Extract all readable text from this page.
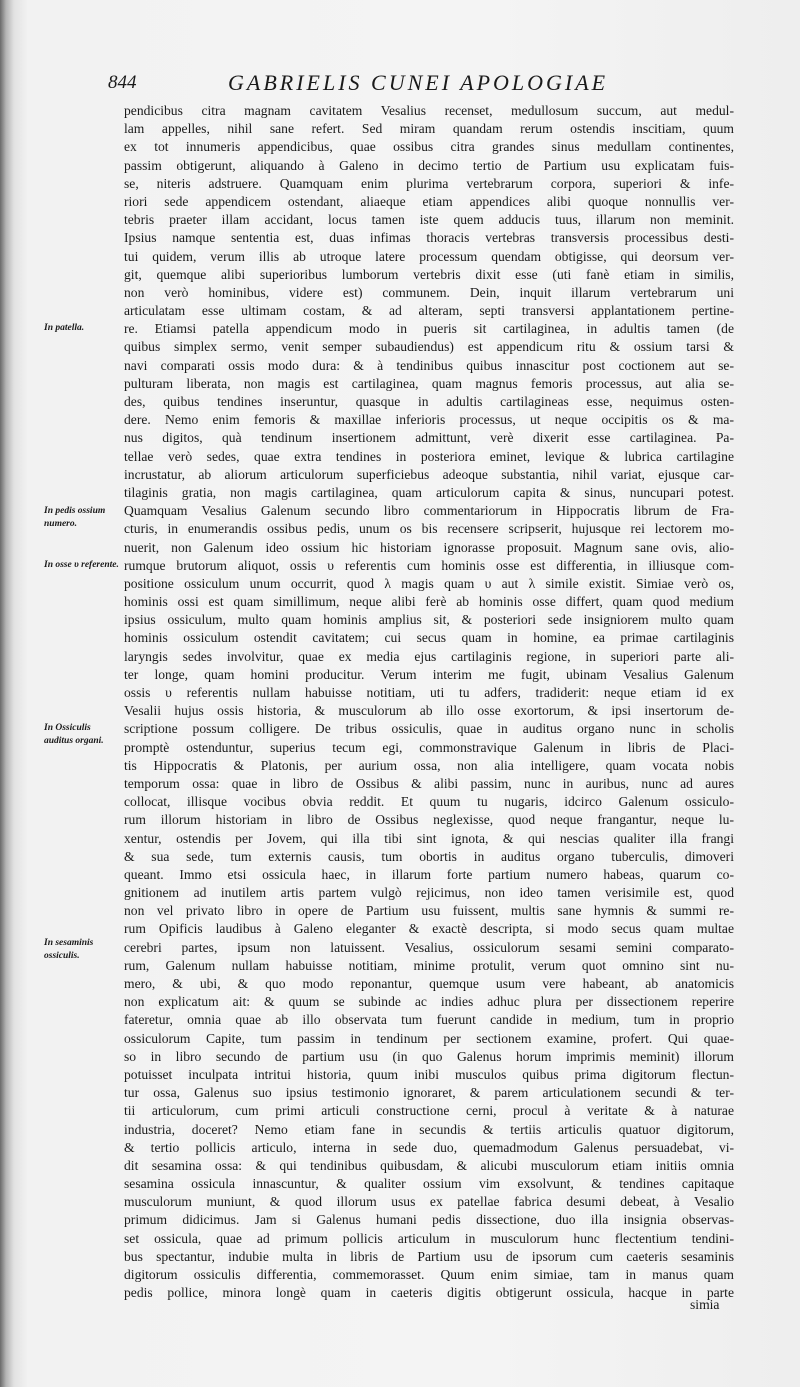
844	GABRIELIS CUNEI APOLOGIAE
In patella.
In pedis ossium numero.
In osse υ referente.
In Ossiculis auditus organi.
In sesaminis ossiculis.
pendicibus citra magnam cavitatem Vesalius recenset, medullosum succum, aut medul-
lam appelles, nihil sane refert. Sed miram quandam rerum ostendis inscitiam, quum
ex tot innumeris appendicibus, quae ossibus citra grandes sinus medullam continentes,
passim obtigerunt, aliquando à Galeno in decimo tertio de Partium usu explicatam fuis-
se, niteris adstruere. Quamquam enim plurima vertebrarum corpora, superiori & infe-
riori sede appendicem ostendant, aliaeque etiam appendices alibi quoque nonnullis ver-
tebris praeter illam accidant, locus tamen iste quem adducis tuus, illarum non meminit.
Ipsius namque sententia est, duas infimas thoracis vertebras transversis processibus desti-
tui quidem, verum illis ab utroque latere processum quendam obtigisse, qui deorsum ver-
git, quemque alibi superioribus lumborum vertebris dixit esse (uti fanè etiam in similis,
non verò hominibus, videre est) communem. Dein, inquit illarum vertebrarum uni
articulatam esse ultimam costam, & ad alteram, septi transversi applantationem pertine-
re. Etiamsi patella appendicum modo in pueris sit cartilaginea, in adultis tamen (de
quibus simplex sermo, venit semper subaudiendus) est appendicum ritu & ossium tarsi &
navi comparati ossis modo dura: & à tendinibus quibus innascitur post coctionem aut se-
pulturam liberata, non magis est cartilaginea, quam magnus femoris processus, aut alia se-
des, quibus tendines inseruntur, quasque in adultis cartilagineas esse, nequimus osten-
dere. Nemo enim femoris & maxillae inferioris processus, ut neque occipitis os & ma-
nus digitos, quà tendinum insertionem admittunt, verè dixerit esse cartilaginea. Pa-
tellae verò sedes, quae extra tendines in posteriora eminet, levique & lubrica cartilagine
incrustatur, ab aliorum articulorum superficiebus adeoque substantia, nihil variat, ejusque car-
tilaginis gratia, non magis cartilaginea, quam articulorum capita & sinus, nuncupari potest.
Quamquam Vesalius Galenum secundo libro commentariorum in Hippocratis librum de Fra-
cturis, in enumerandis ossibus pedis, unum os bis recensere scripserit, hujusque rei lectorem mo-
nuerit, non Galenum ideo ossium hic historiam ignorasse proposuit. Magnum sane ovis, alio-
rumque brutorum aliquot, ossis υ referentis cum hominis osse est differentia, in illiusque com-
positione ossiculum unum occurrit, quod λ magis quam υ aut λ simile existit. Simiae verò os,
hominis ossi est quam simillimum, neque alibi ferè ab hominis osse differt, quam quod medium
ipsius ossiculum, multo quam hominis amplius sit, & posteriori sede insigniorem multo quam
hominis ossiculum ostendit cavitatem; cui secus quam in homine, ea primae cartilaginis
laryngis sedes involvitur, quae ex media ejus cartilaginis regione, in superiori parte ali-
ter longe, quam homini producitur. Verum interim me fugit, ubinam Vesalius Galenum
ossis υ referentis nullam habuisse notitiam, uti tu adfers, tradiderit: neque etiam id ex
Vesalii hujus ossis historia, & musculorum ab illo osse exortorum, & ipsi insertorum de-
scriptione possum colligere. De tribus ossiculis, quae in auditus organo nunc in scholis
promptè ostenduntur, superius tecum egi, commonstravique Galenum in libris de Placi-
tis Hippocratis & Platonis, per aurium ossa, non alia intelligere, quam vocata nobis
temporum ossa: quae in libro de Ossibus & alibi passim, nunc in auribus, nunc ad aures
collocat, illisque vocibus obvia reddit. Et quum tu nugaris, idcirco Galenum ossiculo-
rum illorum historiam in libro de Ossibus neglexisse, quod neque frangantur, neque lu-
xentur, ostendis per Jovem, qui illa tibi sint ignota, & qui nescias qualiter illa frangi
& sua sede, tum externis causis, tum obortis in auditus organo tuberculis, dimoveri
queant. Immo etsi ossicula haec, in illarum forte partium numero habeas, quarum co-
gnitionem ad inutilem artis partem vulgò rejicimus, non ideo tamen verisimile est, quod
non vel privato libro in opere de Partium usu fuissent, multis sane hymnis & summi re-
rum Opificis laudibus à Galeno eleganter & exactè descripta, si modo secus quam multae
cerebri partes, ipsum non latuissent. Vesalius, ossiculorum sesami semini comparato-
rum, Galenum nullam habuisse notitiam, minime protulit, verum quot omnino sint nu-
mero, & ubi, & quo modo reponantur, quemque usum vere habeant, ab anatomicis
non explicatum ait: & quum se subinde ac indies adhuc plura per dissectionem reperire
fateretur, omnia quae ab illo observata tum fuerunt candide in medium, tum in proprio
ossiculorum Capite, tum passim in tendinum per sectionem examine, profert. Qui quae-
so in libro secundo de partium usu (in quo Galenus horum imprimis meminit) illorum
potuisset inculpata intritui historia, quum inibi musculos quibus prima digitorum flectun-
tur ossa, Galenus suo ipsius testimonio ignoraret, & parem articulationem secundi & ter-
tii articulorum, cum primi articuli constructione cerni, procul à veritate & à naturae
industria, doceret? Nemo etiam fane in secundis & tertiis articulis quatuor digitorum,
& tertio pollicis articulo, interna in sede duo, quemadmodum Galenus persuadebat, vi-
dit sesamina ossa: & qui tendinibus quibusdam, & alicubi musculorum etiam initiis omnia
sesamina ossicula innascuntur, & qualiter ossium vim exsolvunt, & tendines capitaque
musculorum muniunt, & quod illorum usus ex patellae fabrica desumi debeat, à Vesalio
primum didicimus. Jam si Galenus humani pedis dissectione, duo illa insignia observas-
set ossicula, quae ad primum pollicis articulum in musculorum hunc flectentium tendini-
bus spectantur, indubie multa in libris de Partium usu de ipsorum cum caeteris sesaminis
digitorum ossiculis differentia, commemorasset. Quum enim simiae, tam in manus quam
pedis pollice, minora longè quam in caeteris digitis obtigerunt ossicula, hacque in parte
simia
